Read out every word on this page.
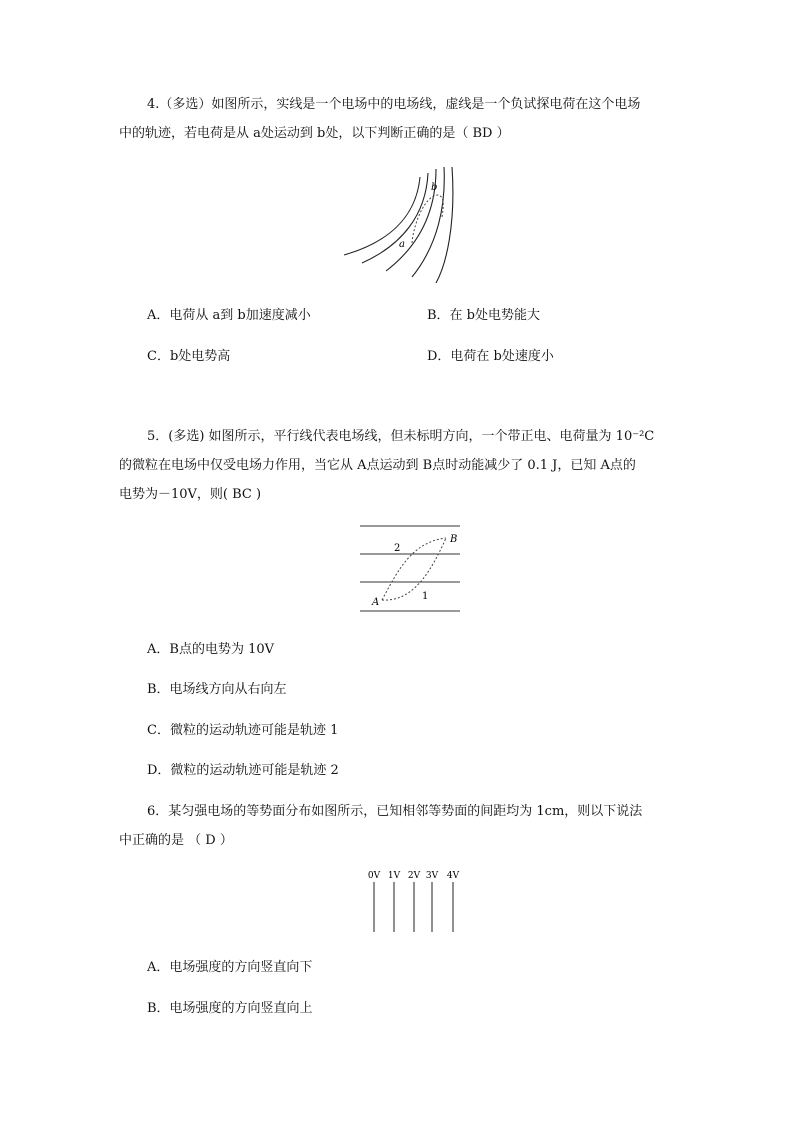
4.（多选）如图所示，实线是一个电场中的电场线，虚线是一个负试探电荷在这个电场
中的轨迹，若电荷是从 a处运动到 b处，以下判断正确的是（ BD ）
a
b
A．电荷从 a到 b加速度减小	B．在 b处电势能大
C．b处电势高	D．电荷在 b处速度小
5．(多选) 如图所示，平行线代表电场线，但未标明方向，一个带正电、电荷量为 10⁻²C
的微粒在电场中仅受电场力作用，当它从 A点运动到 B点时动能减少了 0.1 J，已知 A点的
电势为－10V，则( BC )
A
B
1
2
A．B点的电势为 10V
B．电场线方向从右向左
C．微粒的运动轨迹可能是轨迹 1
D．微粒的运动轨迹可能是轨迹 2
6．某匀强电场的等势面分布如图所示，已知相邻等势面的间距均为 1cm，则以下说法
中正确的是 （ D ）
0V 1V 2V 3V 4V
A．电场强度的方向竖直向下
B．电场强度的方向竖直向上
